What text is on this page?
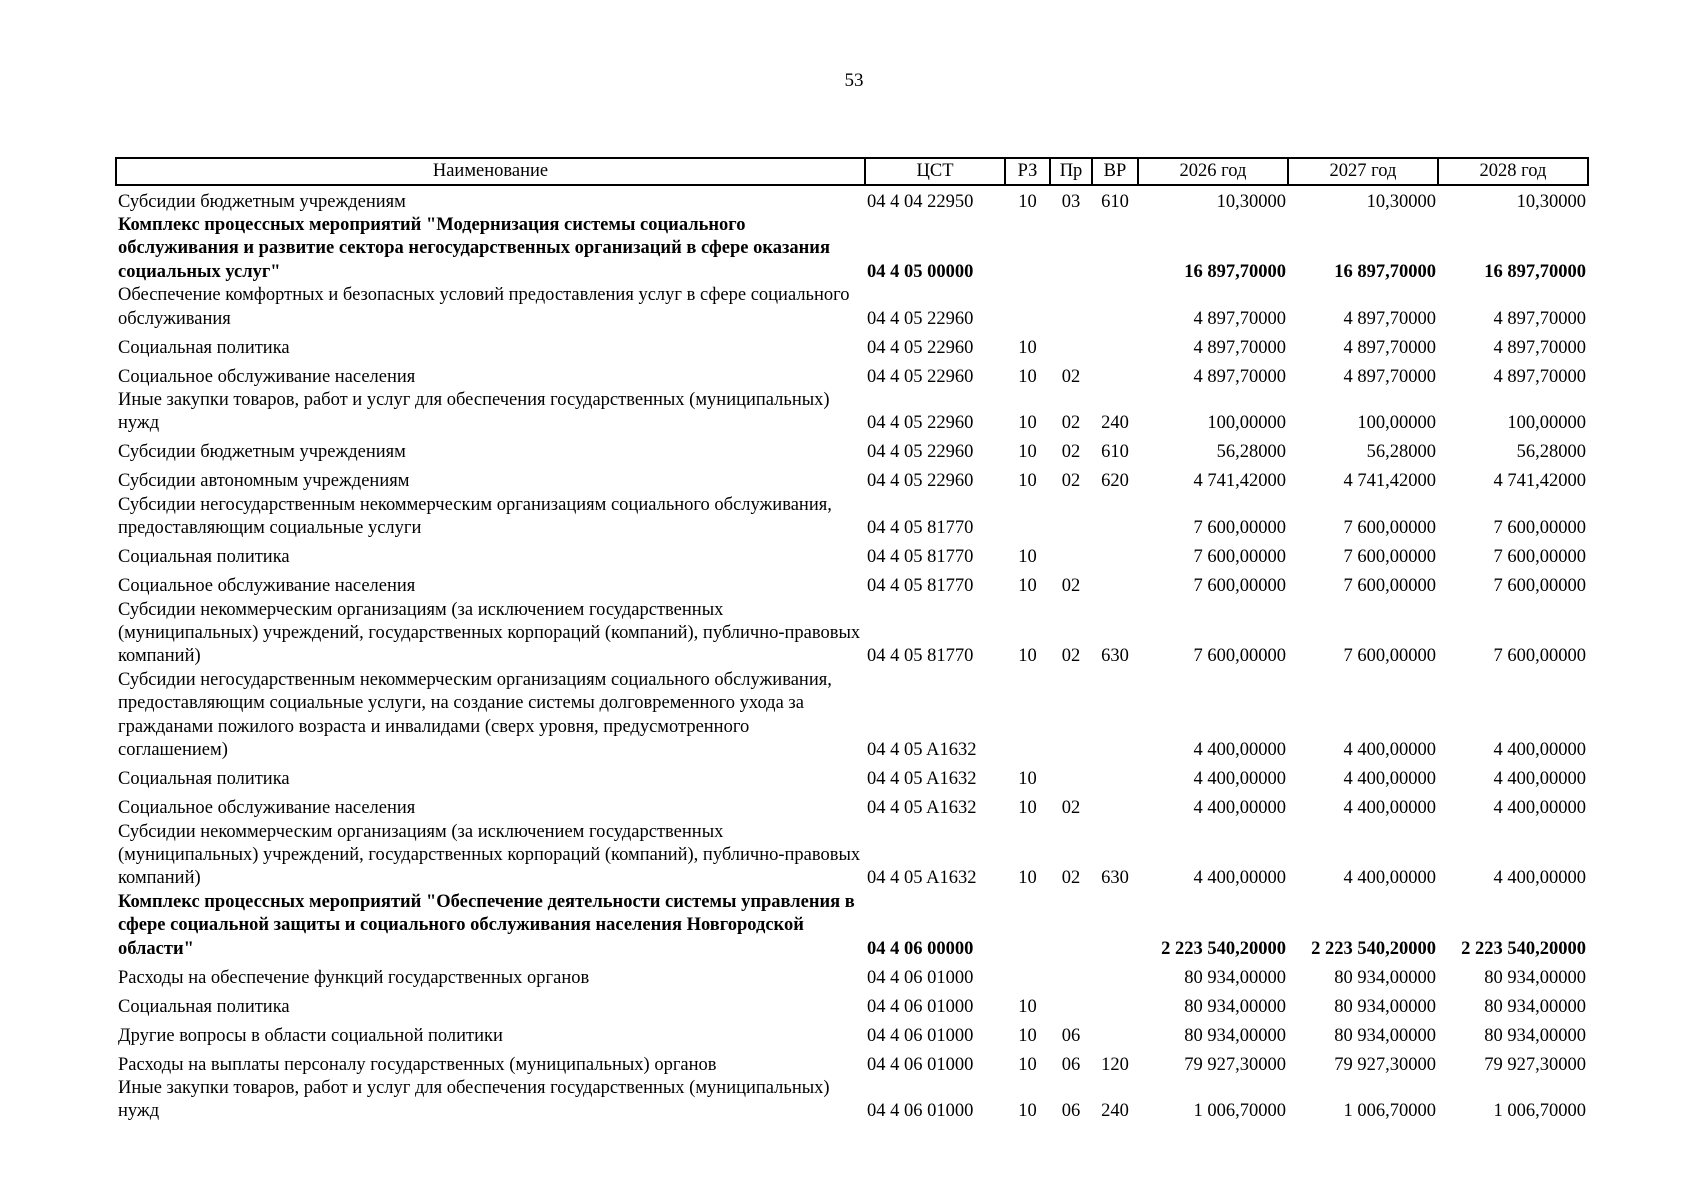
53
Наименование	ЦСТ	РЗ	Пр	ВР	2026 год	2027 год	2028 год
Субсидии бюджетным учреждениям	04 4 04 22950	10	03	610	10,30000	10,30000	10,30000
Комплекс процессных мероприятий "Модернизация системы социального обслуживания и развитие сектора негосударственных организаций в сфере оказания социальных услуг"	04 4 05 00000				16 897,70000	16 897,70000	16 897,70000
Обеспечение комфортных и безопасных условий предоставления услуг в сфере социального обслуживания	04 4 05 22960				4 897,70000	4 897,70000	4 897,70000
Социальная политика	04 4 05 22960	10			4 897,70000	4 897,70000	4 897,70000
Социальное обслуживание населения	04 4 05 22960	10	02		4 897,70000	4 897,70000	4 897,70000
Иные закупки товаров, работ и услуг для обеспечения государственных (муниципальных) нужд	04 4 05 22960	10	02	240	100,00000	100,00000	100,00000
Субсидии бюджетным учреждениям	04 4 05 22960	10	02	610	56,28000	56,28000	56,28000
Субсидии автономным учреждениям	04 4 05 22960	10	02	620	4 741,42000	4 741,42000	4 741,42000
Субсидии негосударственным некоммерческим организациям социального обслуживания, предоставляющим социальные услуги	04 4 05 81770				7 600,00000	7 600,00000	7 600,00000
Социальная политика	04 4 05 81770	10			7 600,00000	7 600,00000	7 600,00000
Социальное обслуживание населения	04 4 05 81770	10	02		7 600,00000	7 600,00000	7 600,00000
Субсидии некоммерческим организациям (за исключением государственных (муниципальных) учреждений, государственных корпораций (компаний), публично-правовых компаний)	04 4 05 81770	10	02	630	7 600,00000	7 600,00000	7 600,00000
Субсидии негосударственным некоммерческим организациям социального обслуживания, предоставляющим социальные услуги, на создание системы долговременного ухода за гражданами пожилого возраста и инвалидами (сверх уровня, предусмотренного соглашением)	04 4 05 A1632				4 400,00000	4 400,00000	4 400,00000
Социальная политика	04 4 05 A1632	10			4 400,00000	4 400,00000	4 400,00000
Социальное обслуживание населения	04 4 05 A1632	10	02		4 400,00000	4 400,00000	4 400,00000
Субсидии некоммерческим организациям (за исключением государственных (муниципальных) учреждений, государственных корпораций (компаний), публично-правовых компаний)	04 4 05 A1632	10	02	630	4 400,00000	4 400,00000	4 400,00000
Комплекс процессных мероприятий "Обеспечение деятельности системы управления в сфере социальной защиты и социального обслуживания населения Новгородской области"	04 4 06 00000				2 223 540,20000	2 223 540,20000	2 223 540,20000
Расходы на обеспечение функций государственных органов	04 4 06 01000				80 934,00000	80 934,00000	80 934,00000
Социальная политика	04 4 06 01000	10			80 934,00000	80 934,00000	80 934,00000
Другие вопросы в области социальной политики	04 4 06 01000	10	06		80 934,00000	80 934,00000	80 934,00000
Расходы на выплаты персоналу государственных (муниципальных) органов	04 4 06 01000	10	06	120	79 927,30000	79 927,30000	79 927,30000
Иные закупки товаров, работ и услуг для обеспечения государственных (муниципальных) нужд	04 4 06 01000	10	06	240	1 006,70000	1 006,70000	1 006,70000
